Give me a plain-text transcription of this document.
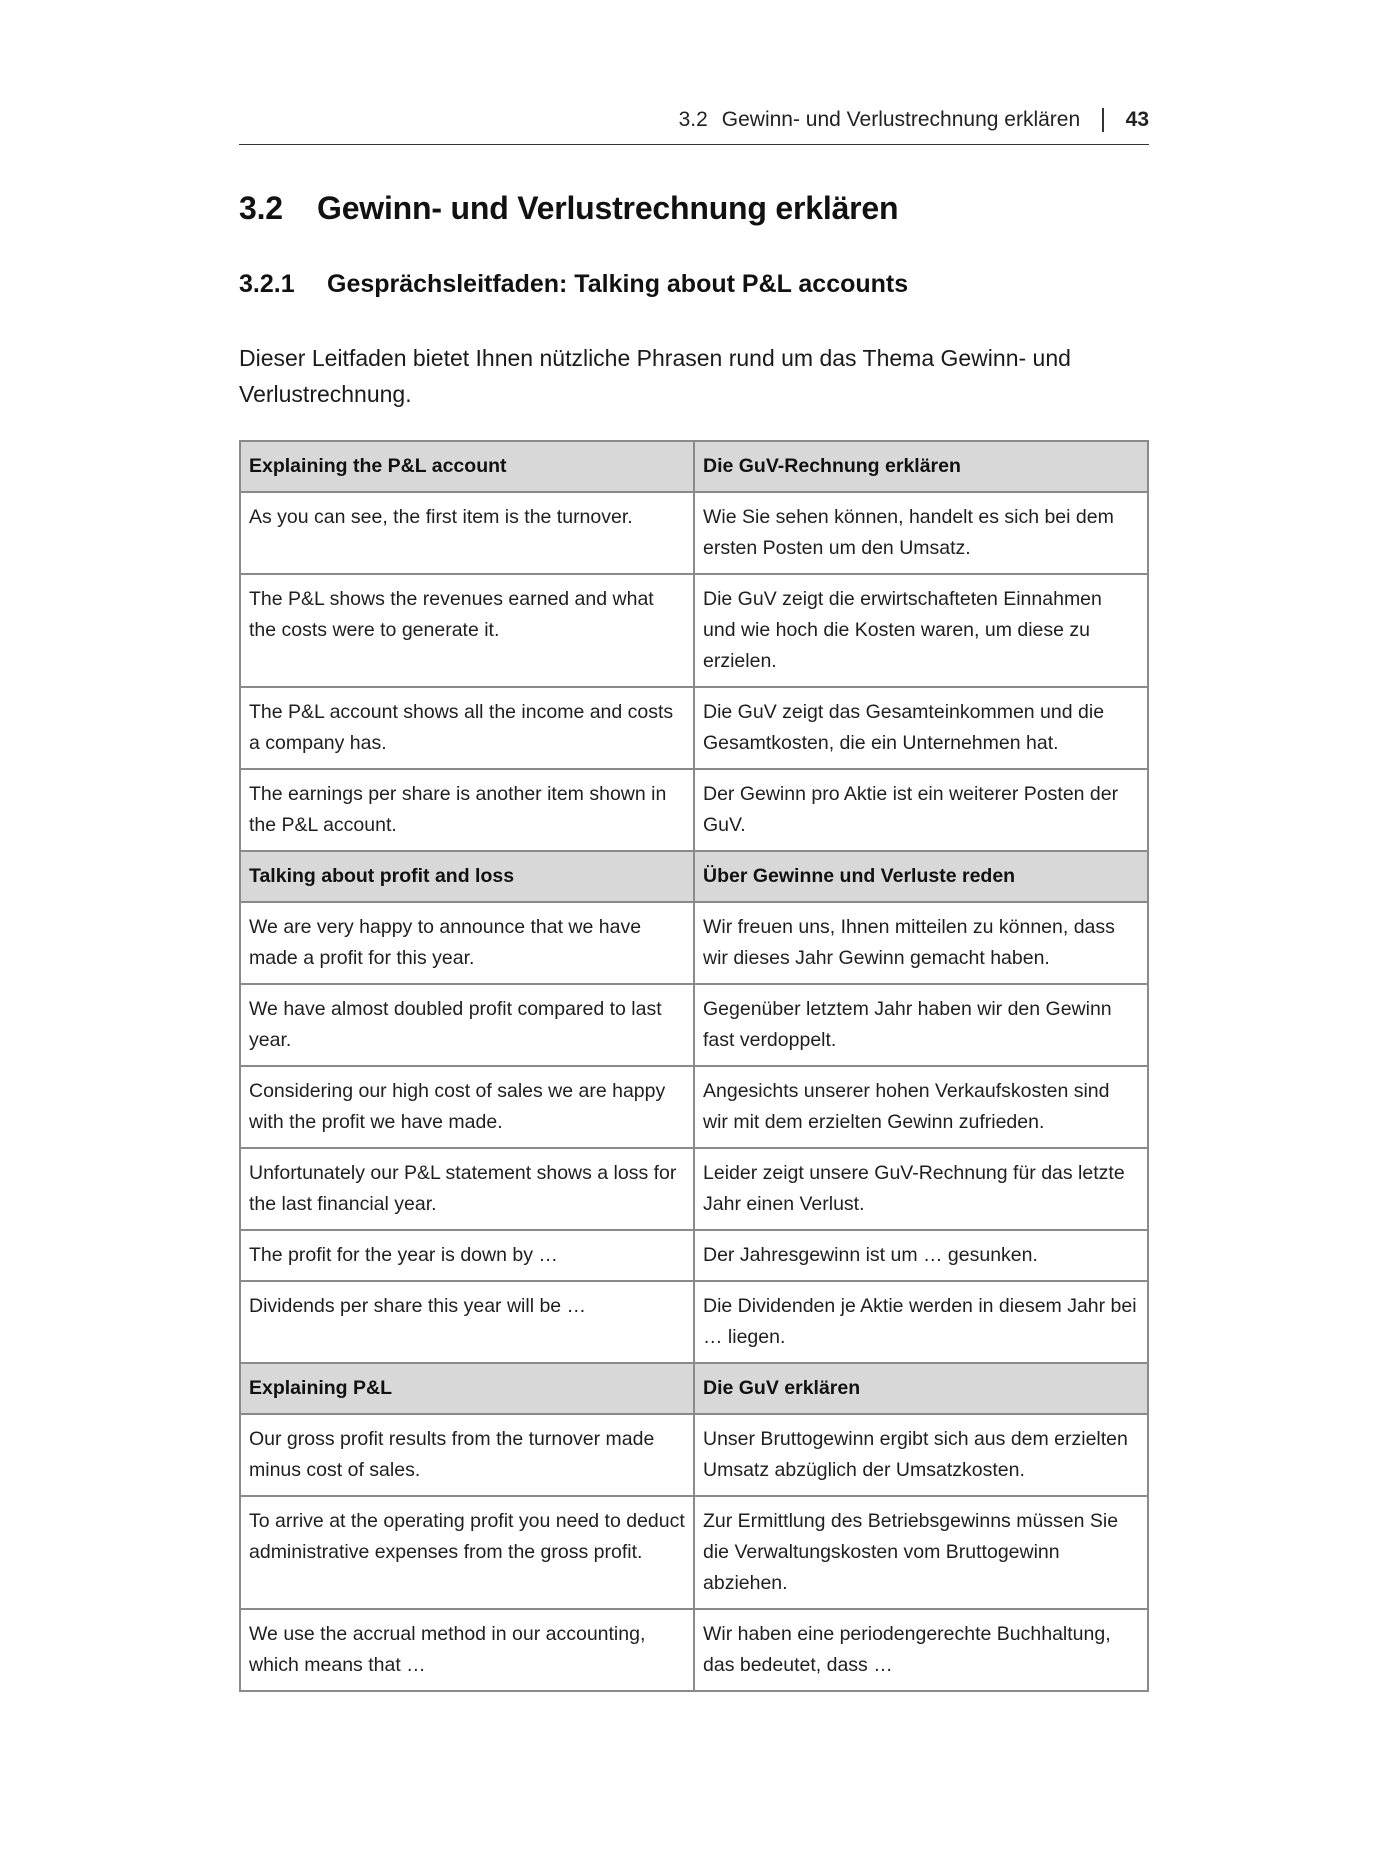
3.2 Gewinn- und Verlustrechnung erklären 43
3.2 Gewinn- und Verlustrechnung erklären
3.2.1 Gesprächsleitfaden: Talking about P&L accounts

Dieser Leitfaden bietet Ihnen nützliche Phrasen rund um das Thema Gewinn- und Verlustrechnung.

Explaining the P&L account	Die GuV-Rechnung erklären
As you can see, the first item is the turnover.	Wie Sie sehen können, handelt es sich bei dem ersten Posten um den Umsatz.
The P&L shows the revenues earned and what the costs were to generate it.	Die GuV zeigt die erwirtschafteten Einnahmen und wie hoch die Kosten waren, um diese zu erzielen.
The P&L account shows all the income and costs a company has.	Die GuV zeigt das Gesamteinkommen und die Gesamtkosten, die ein Unternehmen hat.
The earnings per share is another item shown in the P&L account.	Der Gewinn pro Aktie ist ein weiterer Posten der GuV.
Talking about profit and loss	Über Gewinne und Verluste reden
We are very happy to announce that we have made a profit for this year.	Wir freuen uns, Ihnen mitteilen zu können, dass wir dieses Jahr Gewinn gemacht haben.
We have almost doubled profit compared to last year.	Gegenüber letztem Jahr haben wir den Gewinn fast verdoppelt.
Considering our high cost of sales we are happy with the profit we have made.	Angesichts unserer hohen Verkaufskosten sind wir mit dem erzielten Gewinn zufrieden.
Unfortunately our P&L statement shows a loss for the last financial year.	Leider zeigt unsere GuV-Rechnung für das letzte Jahr einen Verlust.
The profit for the year is down by …	Der Jahresgewinn ist um … gesunken.
Dividends per share this year will be …	Die Dividenden je Aktie werden in diesem Jahr bei … liegen.
Explaining P&L	Die GuV erklären
Our gross profit results from the turnover made minus cost of sales.	Unser Bruttogewinn ergibt sich aus dem erzielten Umsatz abzüglich der Umsatzkosten.
To arrive at the operating profit you need to deduct administrative expenses from the gross profit.	Zur Ermittlung des Betriebsgewinns müssen Sie die Verwaltungskosten vom Bruttogewinn abziehen.
We use the accrual method in our accounting, which means that …	Wir haben eine periodengerechte Buchhaltung, das bedeutet, dass …
